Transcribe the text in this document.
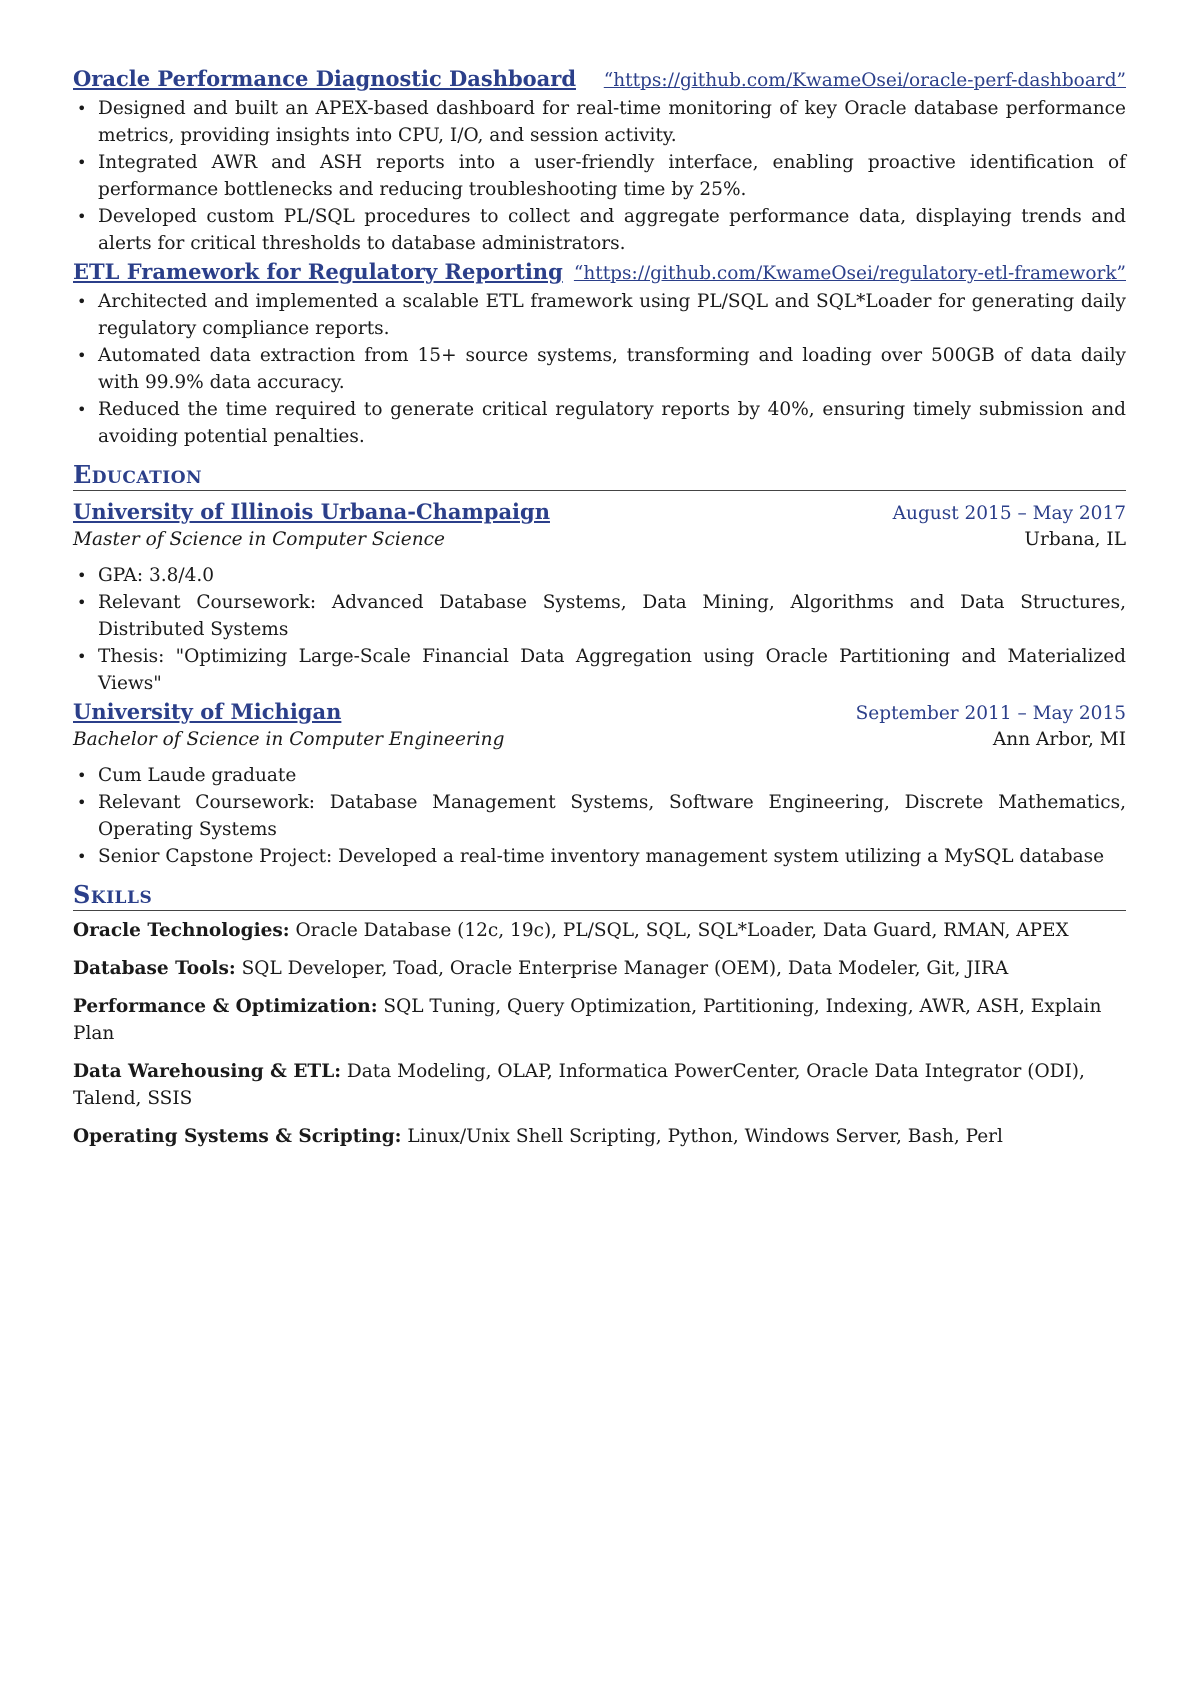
Oracle Performance Diagnostic Dashboard “https://github.com/KwameOsei/oracle-perf-dashboard”
• Designed and built an APEX-based dashboard for real-time monitoring of key Oracle database performance metrics, providing insights into CPU, I/O, and session activity.
• Integrated AWR and ASH reports into a user-friendly interface, enabling proactive identification of performance bottlenecks and reducing troubleshooting time by 25%.
• Developed custom PL/SQL procedures to collect and aggregate performance data, displaying trends and alerts for critical thresholds to database administrators.
ETL Framework for Regulatory Reporting “https://github.com/KwameOsei/regulatory-etl-framework”
• Architected and implemented a scalable ETL framework using PL/SQL and SQL*Loader for generating daily regulatory compliance reports.
• Automated data extraction from 15+ source systems, transforming and loading over 500GB of data daily with 99.9% data accuracy.
• Reduced the time required to generate critical regulatory reports by 40%, ensuring timely submission and avoiding potential penalties.
Education
University of Illinois Urbana-Champaign	August 2015 – May 2017
Master of Science in Computer Science	Urbana, IL
• GPA: 3.8/4.0
• Relevant Coursework: Advanced Database Systems, Data Mining, Algorithms and Data Structures, Distributed Systems
• Thesis: "Optimizing Large-Scale Financial Data Aggregation using Oracle Partitioning and Materialized Views"
University of Michigan	September 2011 – May 2015
Bachelor of Science in Computer Engineering	Ann Arbor, MI
• Cum Laude graduate
• Relevant Coursework: Database Management Systems, Software Engineering, Discrete Mathematics, Operating Systems
• Senior Capstone Project: Developed a real-time inventory management system utilizing a MySQL database
Skills
Oracle Technologies: Oracle Database (12c, 19c), PL/SQL, SQL, SQL*Loader, Data Guard, RMAN, APEX
Database Tools: SQL Developer, Toad, Oracle Enterprise Manager (OEM), Data Modeler, Git, JIRA
Performance & Optimization: SQL Tuning, Query Optimization, Partitioning, Indexing, AWR, ASH, Explain Plan
Data Warehousing & ETL: Data Modeling, OLAP, Informatica PowerCenter, Oracle Data Integrator (ODI), Talend, SSIS
Operating Systems & Scripting: Linux/Unix Shell Scripting, Python, Windows Server, Bash, Perl
